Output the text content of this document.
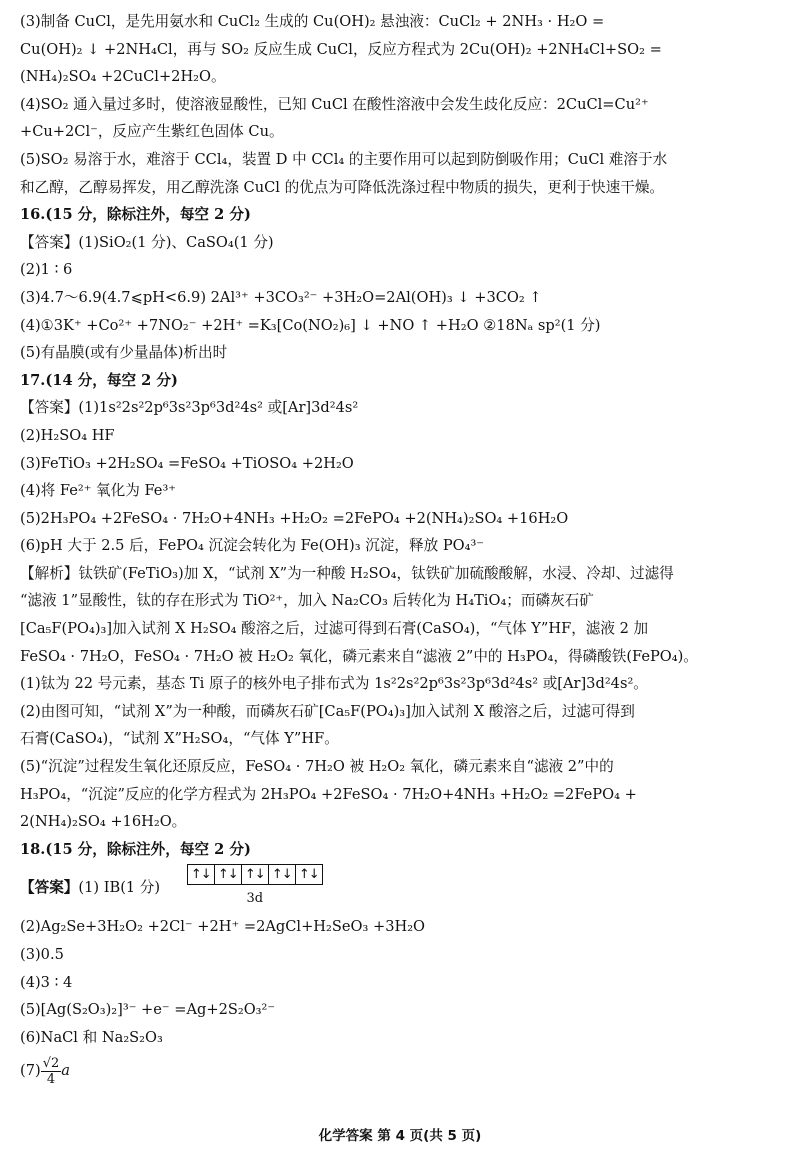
(3)制备 CuCl，是先用氨水和 CuCl₂ 生成的 Cu(OH)₂ 悬浊液：CuCl₂ + 2NH₃ · H₂O =
Cu(OH)₂ ↓ +2NH₄Cl，再与 SO₂ 反应生成 CuCl，反应方程式为 2Cu(OH)₂ +2NH₄Cl+SO₂ =
(NH₄)₂SO₄ +2CuCl+2H₂O。
(4)SO₂ 通入量过多时，使溶液显酸性，已知 CuCl 在酸性溶液中会发生歧化反应：2CuCl=Cu²⁺
+Cu+2Cl⁻，反应产生紫红色固体 Cu。
(5)SO₂ 易溶于水，难溶于 CCl₄，装置 D 中 CCl₄ 的主要作用可以起到防倒吸作用；CuCl 难溶于水
和乙醇，乙醇易挥发，用乙醇洗涤 CuCl 的优点为可降低洗涤过程中物质的损失，更利于快速干燥。
16.(15 分，除标注外，每空 2 分)
【答案】(1)SiO₂(1 分)、CaSO₄(1 分)
(2)1 ∶ 6
(3)4.7～6.9(4.7⩽pH<6.9) 2Al³⁺ +3CO₃²⁻ +3H₂O=2Al(OH)₃ ↓ +3CO₂ ↑
(4)①3K⁺ +Co²⁺ +7NO₂⁻ +2H⁺ =K₃[Co(NO₂)₆] ↓ +NO ↑ +H₂O ②18Nₐ sp²(1 分)
(5)有晶膜(或有少量晶体)析出时
17.(14 分，每空 2 分)
【答案】(1)1s²2s²2p⁶3s²3p⁶3d²4s² 或[Ar]3d²4s²
(2)H₂SO₄ HF
(3)FeTiO₃ +2H₂SO₄ =FeSO₄ +TiOSO₄ +2H₂O
(4)将 Fe²⁺ 氧化为 Fe³⁺
(5)2H₃PO₄ +2FeSO₄ · 7H₂O+4NH₃ +H₂O₂ =2FePO₄ +2(NH₄)₂SO₄ +16H₂O
(6)pH 大于 2.5 后，FePO₄ 沉淀会转化为 Fe(OH)₃ 沉淀，释放 PO₄³⁻
【解析】钛铁矿(FeTiO₃)加 X，“试剂 X”为一种酸 H₂SO₄，钛铁矿加硫酸酸解，水浸、冷却、过滤得
“滤液 1”显酸性，钛的存在形式为 TiO²⁺，加入 Na₂CO₃ 后转化为 H₄TiO₄；而磷灰石矿
[Ca₅F(PO₄)₃]加入试剂 X H₂SO₄ 酸溶之后，过滤可得到石膏(CaSO₄)，“气体 Y”HF，滤液 2 加
FeSO₄ · 7H₂O，FeSO₄ · 7H₂O 被 H₂O₂ 氧化，磷元素来自“滤液 2”中的 H₃PO₄，得磷酸铁(FePO₄)。
(1)钛为 22 号元素，基态 Ti 原子的核外电子排布式为 1s²2s²2p⁶3s²3p⁶3d²4s² 或[Ar]3d²4s²。
(2)由图可知，“试剂 X”为一种酸，而磷灰石矿[Ca₅F(PO₄)₃]加入试剂 X 酸溶之后，过滤可得到
石膏(CaSO₄)，“试剂 X”H₂SO₄，“气体 Y”HF。
(5)“沉淀”过程发生氧化还原反应，FeSO₄ · 7H₂O 被 H₂O₂ 氧化，磷元素来自“滤液 2”中的
H₃PO₄，“沉淀”反应的化学方程式为 2H₃PO₄ +2FeSO₄ · 7H₂O+4NH₃ +H₂O₂ =2FePO₄ +
2(NH₄)₂SO₄ +16H₂O。
18.(15 分，除标注外，每空 2 分)
【答案】(1) ⅠB(1 分)
↑↓ ↑↓ ↑↓ ↑↓ ↑↓
3d
(2)Ag₂Se+3H₂O₂ +2Cl⁻ +2H⁺ =2AgCl+H₂SeO₃ +3H₂O
(3)0.5
(4)3 ∶ 4
(5)[Ag(S₂O₃)₂]³⁻ +e⁻ =Ag+2S₂O₃²⁻
(6)NaCl 和 Na₂S₂O₃
$(7) \frac{√2}{4}$ a
化学答案 第 4 页(共 5 页)
